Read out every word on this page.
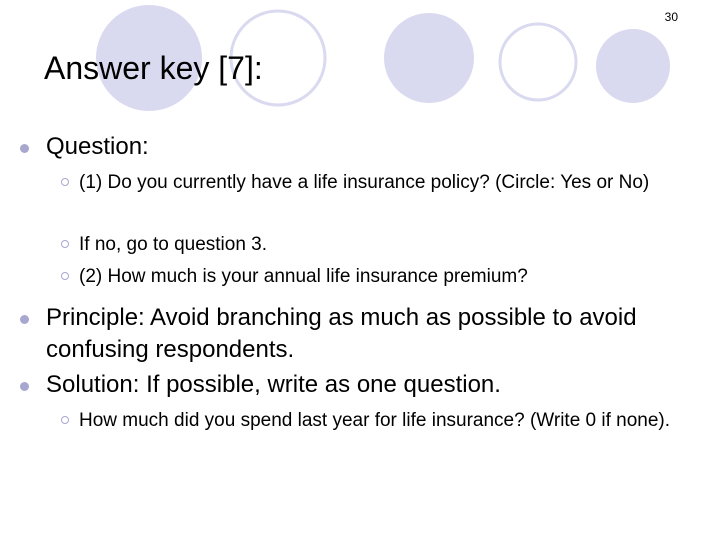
30
Answer key [7]:
Question:
(1) Do you currently have a life insurance policy? (Circle: Yes or No)
If no, go to question 3.
(2) How much is your annual life insurance premium?
Principle: Avoid branching as much as possible to avoid confusing respondents.
Solution: If possible, write as one question.
How much did you spend last year for life insurance? (Write 0 if none).
